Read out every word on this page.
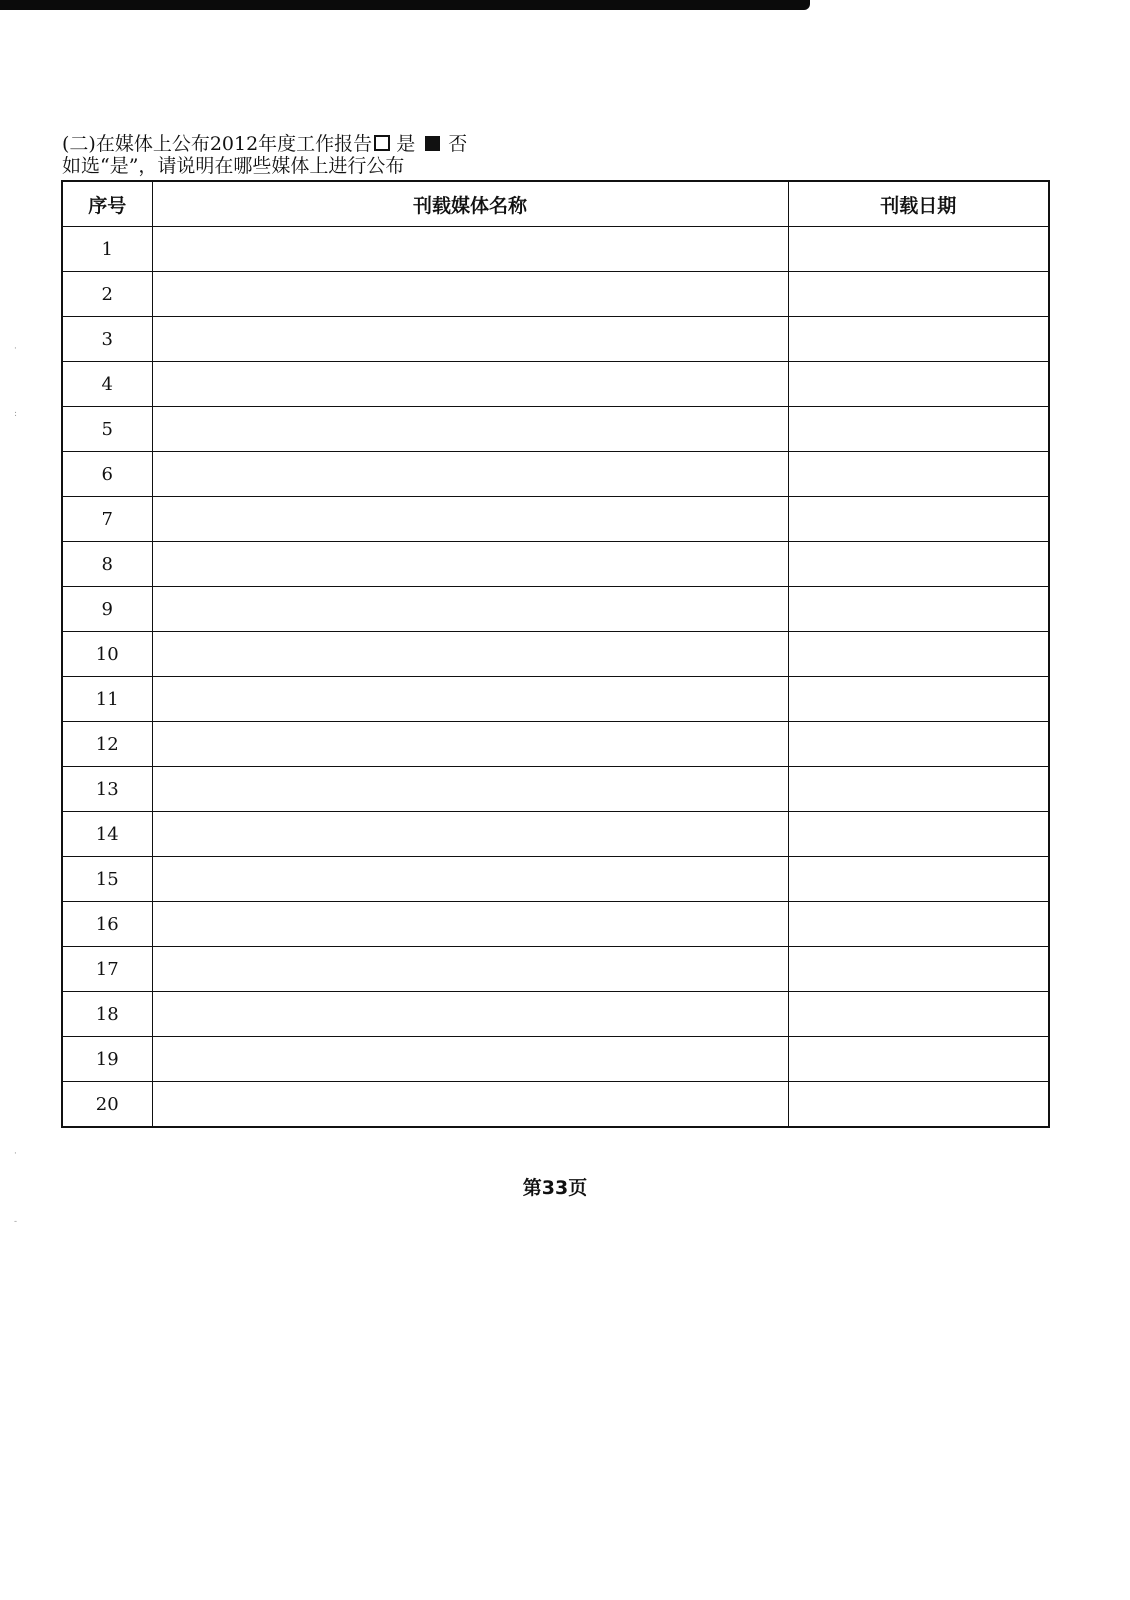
·
:
·
-
(二)在媒体上公布2012年度工作报告 是 否
如选“是”，请说明在哪些媒体上进行公布
序号	刊载媒体名称	刊载日期
1		
2		
3		
4		
5		
6		
7		
8		
9		
10		
11		
12		
13		
14		
15		
16		
17		
18		
19		
20		
第33页
